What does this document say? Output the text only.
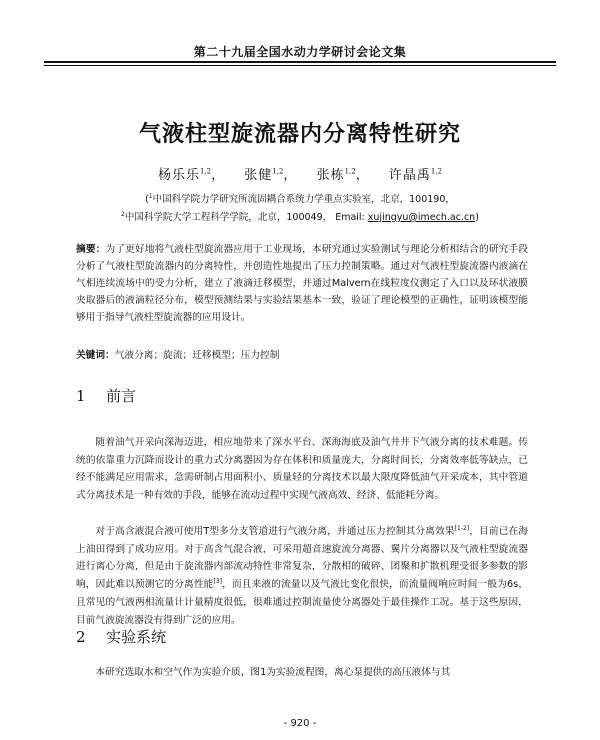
第二十九届全国水动力学研讨会论文集
气液柱型旋流器内分离特性研究
杨乐乐$^{1,2}$， 张健$^{1,2}$， 张栋$^{1,2}$， 许晶禹$^{1,2}$
($^1$中国科学院力学研究所流固耦合系统力学重点实验室，北京，100190，
$^2$中国科学院大学工程科学学院，北京，100049， Email: xujingyu@imech.ac.cn)
摘要：为了更好地将气液柱型旋流器应用于工业现场，本研究通过实验测试与理论分析相结合的研究手段分析了气液柱型旋流器内的分离特性，并创造性地提出了压力控制策略。通过对气液柱型旋流器内液滴在气相连续流场中的受力分析，建立了液滴迁移模型，并通过Malvern在线粒度仪测定了入口以及环状液膜夹取器后的液滴粒径分布，模型预测结果与实验结果基本一致，验证了理论模型的正确性，证明该模型能够用于指导气液柱型旋流器的应用设计。
关键词：气液分离；旋流；迁移模型；压力控制
1 前言
随着油气开采向深海迈进，相应地带来了深水平台、深海海底及油气井井下气液分离的技术难题。传统的依靠重力沉降而设计的重力式分离器因为存在体积和质量庞大，分离时间长，分离效率低等缺点，已经不能满足应用需求，急需研制占用面积小、质量轻的分离技术以最大限度降低油气开采成本，其中管道式分离技术是一种有效的手段，能够在流动过程中实现气液高效、经济、低能耗分离。
对于高含液混合液可使用T型多分支管道进行气液分离，并通过压力控制其分离效果[1-2]，目前已在海上油田得到了成功应用。对于高含气混合液，可采用超音速旋流分离器、翼片分离器以及气液柱型旋流器进行离心分离，但是由于旋流器内部流动特性非常复杂，分散相的破碎、团聚和扩散机理受很多参数的影响，因此难以预测它的分离性能[3]，而且来液的流量以及气液比变化很快，而流量阀响应时间一般为6s，且常见的气液两相流量计计量精度很低，很难通过控制流量使分离器处于最佳操作工况。基于这些原因，目前气液旋流器没有得到广泛的应用。
2 实验系统
本研究选取水和空气作为实验介质，图1为实验流程图，离心泵提供的高压液体与其
- 920 -
